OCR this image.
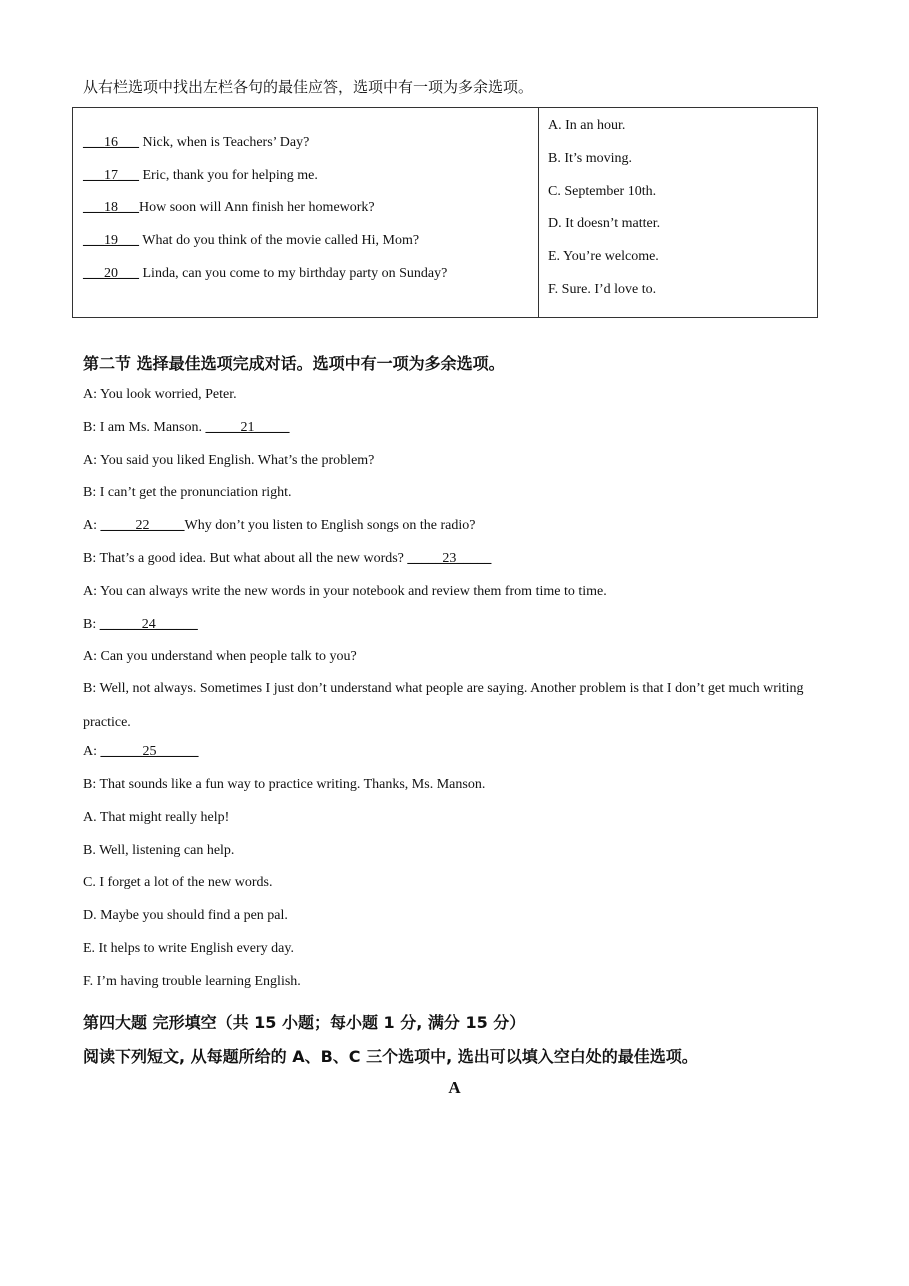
从右栏选项中找出左栏各句的最佳应答，选项中有一项为多余选项。
___16___ Nick, when is Teachers’ Day?
___17___ Eric, thank you for helping me.
___18___How soon will Ann finish her homework?
___19___ What do you think of the movie called Hi, Mom?
___20___ Linda, can you come to my birthday party on Sunday?

A. In an hour.
B. It’s moving.
C. September 10th.
D. It doesn’t matter.
E. You’re welcome.
F. Sure. I’d love to.
第二节 选择最佳选项完成对话。选项中有一项为多余选项。
A: You look worried, Peter.
B: I am Ms. Manson. _____21_____
A: You said you liked English. What’s the problem?
B: I can’t get the pronunciation right.
A: _____22_____Why don’t you listen to English songs on the radio?
B: That’s a good idea. But what about all the new words? _____23_____
A: You can always write the new words in your notebook and review them from time to time.
B: ______24______
A: Can you understand when people talk to you?
B: Well, not always. Sometimes I just don’t understand what people are saying. Another problem is that I don’t get much writing practice.
A: ______25______
B: That sounds like a fun way to practice writing. Thanks, Ms. Manson.
A. That might really help!
B. Well, listening can help.
C. I forget a lot of the new words.
D. Maybe you should find a pen pal.
E. It helps to write English every day.
F. I’m having trouble learning English.
第四大题 完形填空（共 15 小题；每小题 1 分, 满分 15 分）
阅读下列短文, 从每题所给的 A、B、C 三个选项中, 选出可以填入空白处的最佳选项。
A
